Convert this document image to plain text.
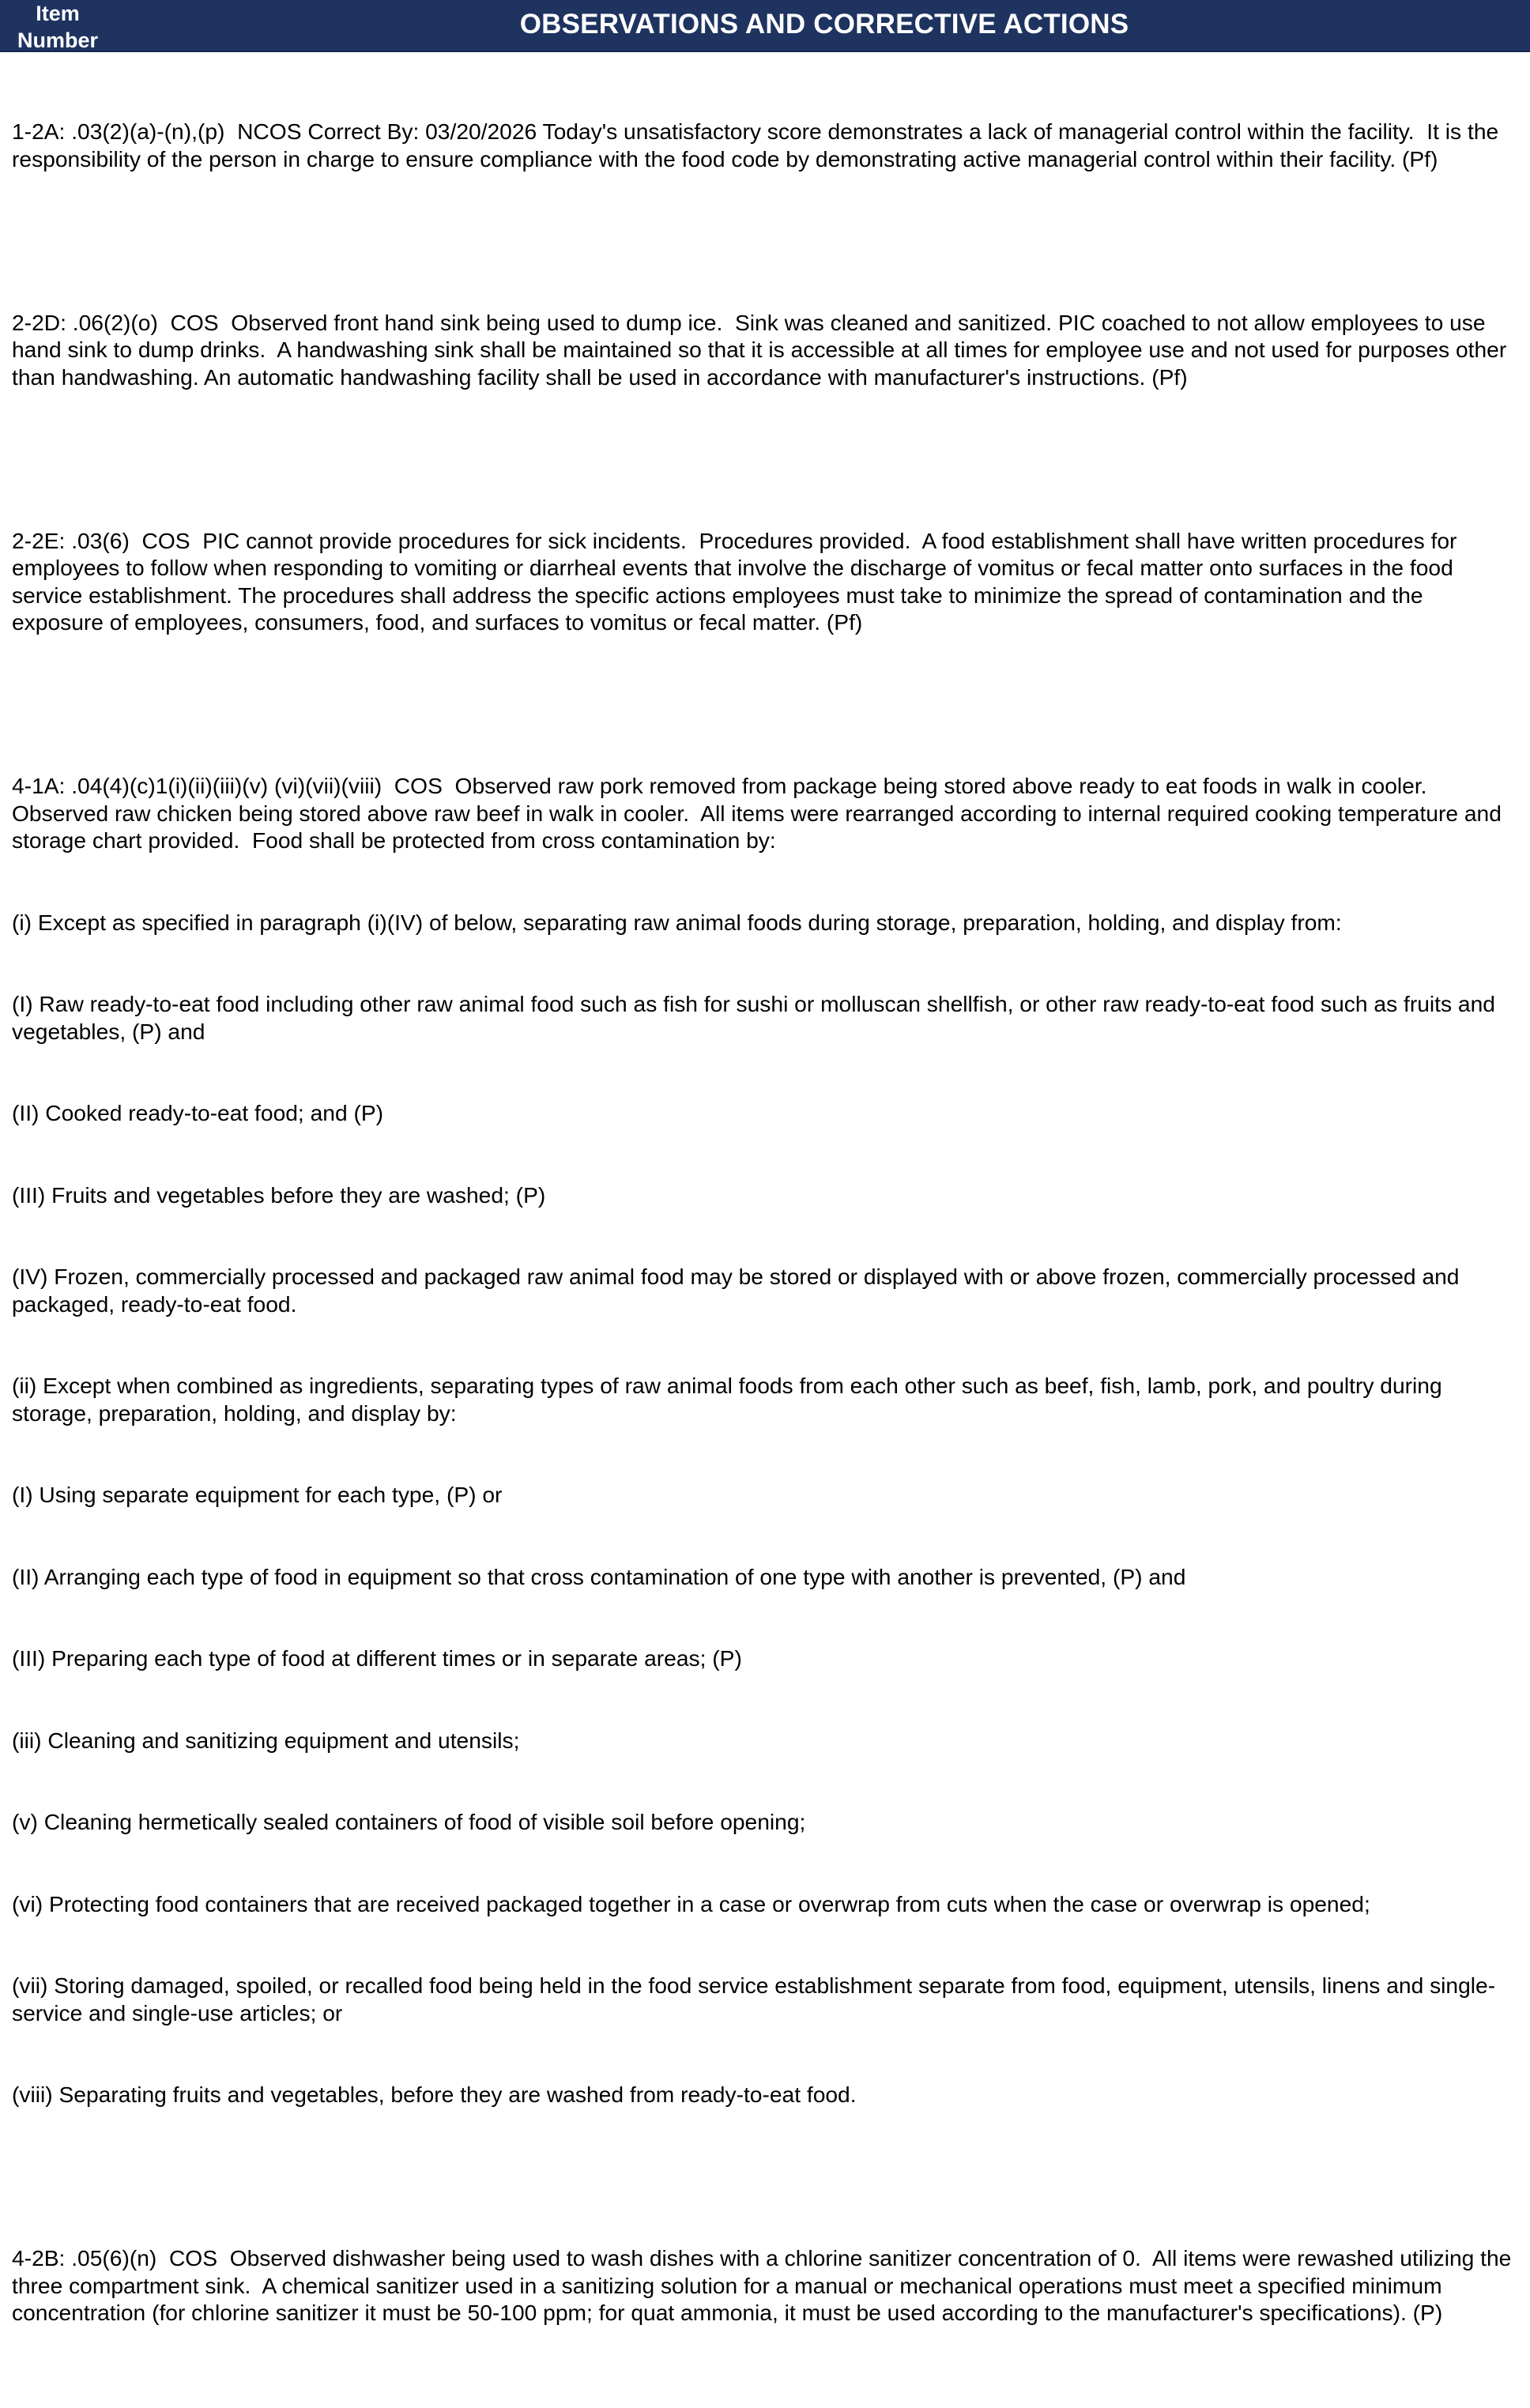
Item
Number
OBSERVATIONS AND CORRECTIVE ACTIONS

1-2A: .03(2)(a)-(n),(p)  NCOS Correct By: 03/20/2026 Today's unsatisfactory score demonstrates a lack of managerial control within the facility.  It is the responsibility of the person in charge to ensure compliance with the food code by demonstrating active managerial control within their facility. (Pf)

2-2D: .06(2)(o)  COS  Observed front hand sink being used to dump ice.  Sink was cleaned and sanitized. PIC coached to not allow employees to use hand sink to dump drinks.  A handwashing sink shall be maintained so that it is accessible at all times for employee use and not used for purposes other than handwashing. An automatic handwashing facility shall be used in accordance with manufacturer's instructions. (Pf)

2-2E: .03(6)  COS  PIC cannot provide procedures for sick incidents.  Procedures provided.  A food establishment shall have written procedures for employees to follow when responding to vomiting or diarrheal events that involve the discharge of vomitus or fecal matter onto surfaces in the food service establishment. The procedures shall address the specific actions employees must take to minimize the spread of contamination and the exposure of employees, consumers, food, and surfaces to vomitus or fecal matter. (Pf)

4-1A: .04(4)(c)1(i)(ii)(iii)(v) (vi)(vii)(viii)  COS  Observed raw pork removed from package being stored above ready to eat foods in walk in cooler. Observed raw chicken being stored above raw beef in walk in cooler.  All items were rearranged according to internal required cooking temperature and storage chart provided.  Food shall be protected from cross contamination by:

(i) Except as specified in paragraph (i)(IV) of below, separating raw animal foods during storage, preparation, holding, and display from:

(I) Raw ready-to-eat food including other raw animal food such as fish for sushi or molluscan shellfish, or other raw ready-to-eat food such as fruits and vegetables, (P) and

(II) Cooked ready-to-eat food; and (P)

(III) Fruits and vegetables before they are washed; (P)

(IV) Frozen, commercially processed and packaged raw animal food may be stored or displayed with or above frozen, commercially processed and packaged, ready-to-eat food.

(ii) Except when combined as ingredients, separating types of raw animal foods from each other such as beef, fish, lamb, pork, and poultry during storage, preparation, holding, and display by:

(I) Using separate equipment for each type, (P) or

(II) Arranging each type of food in equipment so that cross contamination of one type with another is prevented, (P) and

(III) Preparing each type of food at different times or in separate areas; (P)

(iii) Cleaning and sanitizing equipment and utensils;

(v) Cleaning hermetically sealed containers of food of visible soil before opening;

(vi) Protecting food containers that are received packaged together in a case or overwrap from cuts when the case or overwrap is opened;

(vii) Storing damaged, spoiled, or recalled food being held in the food service establishment separate from food, equipment, utensils, linens and single-service and single-use articles; or

(viii) Separating fruits and vegetables, before they are washed from ready-to-eat food.

4-2B: .05(6)(n)  COS  Observed dishwasher being used to wash dishes with a chlorine sanitizer concentration of 0.  All items were rewashed utilizing the three compartment sink.  A chemical sanitizer used in a sanitizing solution for a manual or mechanical operations must meet a specified minimum concentration (for chlorine sanitizer it must be 50-100 ppm; for quat ammonia, it must be used according to the manufacturer's specifications). (P)
